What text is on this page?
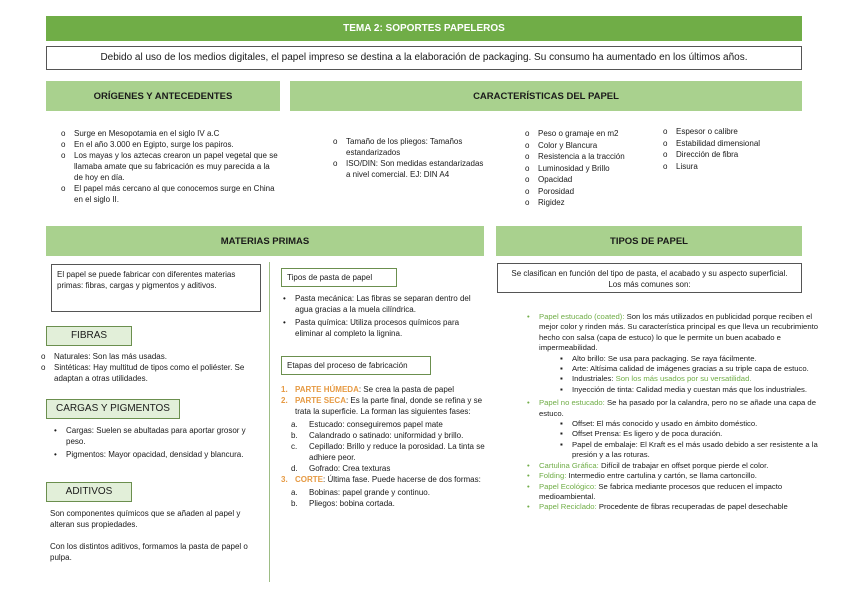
TEMA 2: SOPORTES PAPELEROS
Debido al uso de los medios digitales, el papel impreso se destina a la elaboración de packaging. Su consumo ha aumentado en los últimos años.
ORÍGENES Y ANTECEDENTES	CARACTERÍSTICAS DEL PAPEL
o Surge en Mesopotamia en el siglo IV a.C
o En el año 3.000 en Egipto, surge los papiros.
o Los mayas y los aztecas crearon un papel vegetal que se llamaba amate que su fabricación es muy parecida a la de hoy en día.
o El papel más cercano al que conocemos surge en China en el siglo II.
o Tamaño de los pliegos: Tamaños estandarizados
o ISO/DIN: Son medidas estandarizadas a nivel comercial. EJ: DIN A4
o Peso o gramaje en m2
o Color y Blancura
o Resistencia a la tracción
o Luminosidad y Brillo
o Opacidad
o Porosidad
o Rigidez
o Espesor o calibre
o Estabilidad dimensional
o Dirección de fibra
o Lisura
MATERIAS PRIMAS	TIPOS DE PAPEL
El papel se puede fabricar con diferentes materias primas: fibras, cargas y pigmentos y aditivos.
FIBRAS
o Naturales: Son las más usadas.
o Sintéticas: Hay multitud de tipos como el poliéster. Se adaptan a otras utilidades.
CARGAS Y PIGMENTOS
• Cargas: Suelen se abultadas para aportar grosor y peso.
• Pigmentos: Mayor opacidad, densidad y blancura.
ADITIVOS
Son componentes químicos que se añaden al papel y alteran sus propiedades.
Con los distintos aditivos, formamos la pasta de papel o pulpa.
Tipos de pasta de papel
• Pasta mecánica: Las fibras se separan dentro del agua gracias a la muela cilíndrica.
• Pasta química: Utiliza procesos químicos para eliminar al completo la lignina.
Etapas del proceso de fabricación
1. PARTE HÚMEDA: Se crea la pasta de papel
2. PARTE SECA: Es la parte final, donde se refina y se trata la superficie. La forman las siguientes fases:
a. Estucado: conseguiremos papel mate
b. Calandrado o satinado: uniformidad y brillo.
c. Cepillado: Brillo y reduce la porosidad. La tinta se adhiere peor.
d. Gofrado: Crea texturas
3. CORTE: Última fase. Puede hacerse de dos formas:
a. Bobinas: papel grande y continuo.
b. Pliegos: bobina cortada.
Se clasifican en función del tipo de pasta, el acabado y su aspecto superficial. Los más comunes son:
• Papel estucado (coated): Son los más utilizados en publicidad porque reciben el mejor color y rinden más. Su característica principal es que lleva un recubrimiento hecho con salsa (capa de estuco) lo que le permite un buen acabado e impermeabilidad.
▪ Alto brillo: Se usa para packaging. Se raya fácilmente.
▪ Arte: Altísima calidad de imágenes gracias a su triple capa de estuco.
▪ Industriales: Son los más usados por su versatilidad.
▪ Inyección de tinta: Calidad media y cuestan más que los industriales.
• Papel no estucado: Se ha pasado por la calandra, pero no se añade una capa de estuco.
▪ Offset: El más conocido y usado en ámbito doméstico.
▪ Offset Prensa: Es ligero y de poca duración.
▪ Papel de embalaje: El Kraft es el más usado debido a ser resistente a la presión y a las roturas.
• Cartulina Gráfica: Difícil de trabajar en offset porque pierde el color.
• Folding: Intermedio entre cartulina y cartón, se llama cartoncillo.
• Papel Ecológico: Se fabrica mediante procesos que reducen el impacto medioambiental.
• Papel Reciclado: Procedente de fibras recuperadas de papel desechable
